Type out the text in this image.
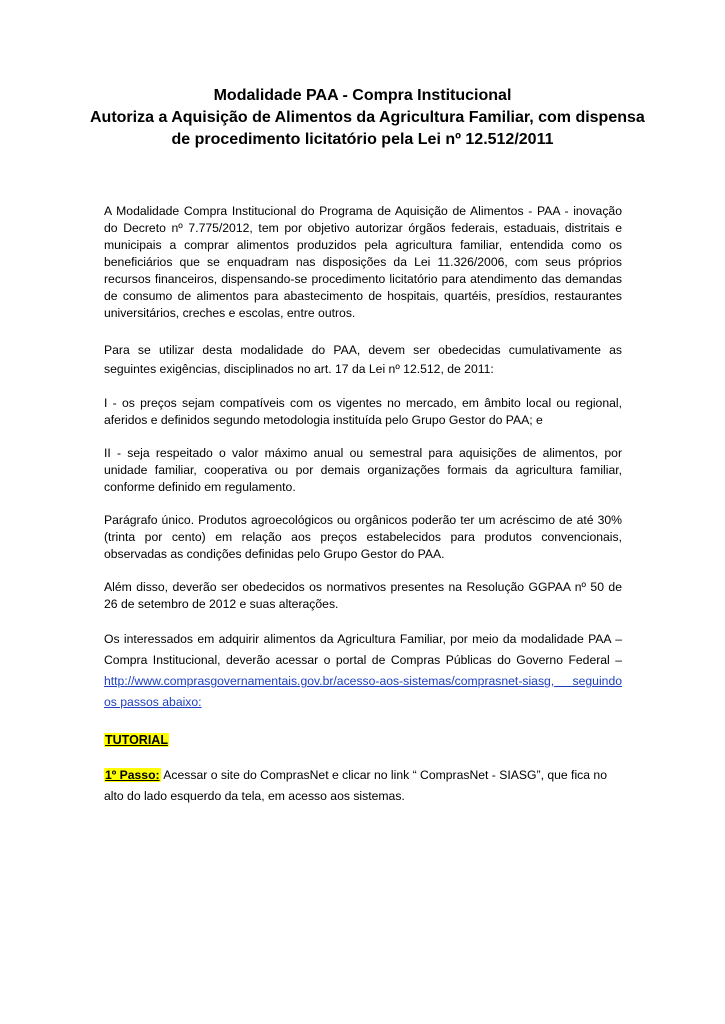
Modalidade PAA - Compra Institucional
Autoriza a Aquisição de Alimentos da Agricultura Familiar, com dispensa
de procedimento licitatório pela Lei nº 12.512/2011

A Modalidade Compra Institucional do Programa de Aquisição de Alimentos - PAA - inovação do Decreto nº 7.775/2012, tem por objetivo autorizar órgãos federais, estaduais, distritais e municipais a comprar alimentos produzidos pela agricultura familiar, entendida como os beneficiários que se enquadram nas disposições da Lei 11.326/2006, com seus próprios recursos financeiros, dispensando-se procedimento licitatório para atendimento das demandas de consumo de alimentos para abastecimento de hospitais, quartéis, presídios, restaurantes universitários, creches e escolas, entre outros.

Para se utilizar desta modalidade do PAA, devem ser obedecidas cumulativamente as seguintes exigências, disciplinados no art. 17 da Lei nº 12.512, de 2011:

I - os preços sejam compatíveis com os vigentes no mercado, em âmbito local ou regional, aferidos e definidos segundo metodologia instituída pelo Grupo Gestor do PAA; e

II - seja respeitado o valor máximo anual ou semestral para aquisições de alimentos, por unidade familiar, cooperativa ou por demais organizações formais da agricultura familiar, conforme definido em regulamento.

Parágrafo único. Produtos agroecológicos ou orgânicos poderão ter um acréscimo de até 30% (trinta por cento) em relação aos preços estabelecidos para produtos convencionais, observadas as condições definidas pelo Grupo Gestor do PAA.

Além disso, deverão ser obedecidos os normativos presentes na Resolução GGPAA nº 50 de 26 de setembro de 2012 e suas alterações.

Os interessados em adquirir alimentos da Agricultura Familiar, por meio da modalidade PAA – Compra Institucional, deverão acessar o portal de Compras Públicas do Governo Federal – http://www.comprasgovernamentais.gov.br/acesso-aos-sistemas/comprasnet-siasg, seguindo os passos abaixo:

TUTORIAL
1º Passo: Acessar o site do ComprasNet e clicar no link “ ComprasNet - SIASG”, que fica no alto do lado esquerdo da tela, em acesso aos sistemas.
